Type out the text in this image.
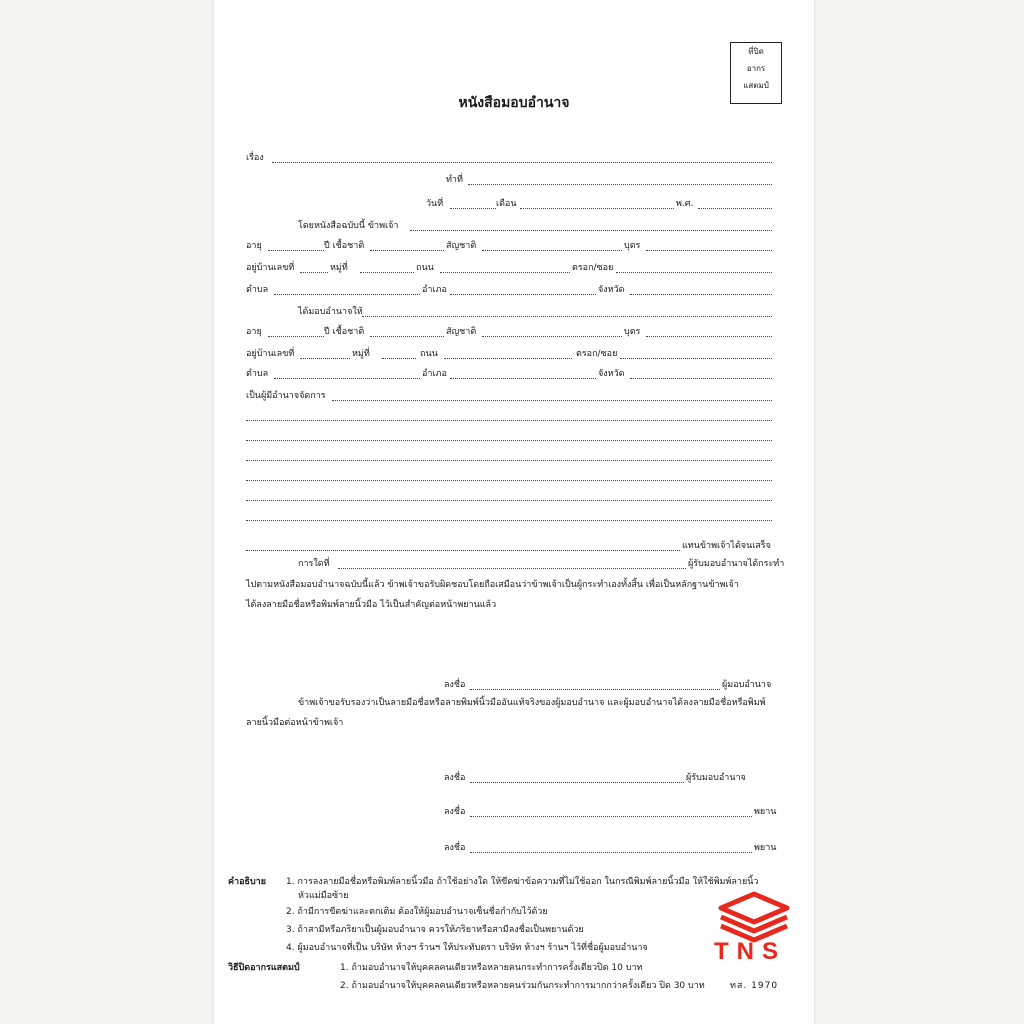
ที่ปิด
อากร
แสตมป์
หนังสือมอบอำนาจ
เรื่อง
ทำที่
วันที่	เดือน	พ.ศ.
โดยหนังสือฉบับนี้ ข้าพเจ้า
อายุ	ปี เชื้อชาติ	สัญชาติ	บุตร
อยู่บ้านเลขที่	หมู่ที่	ถนน	ตรอก/ซอย
ตำบล	อำเภอ	จังหวัด
ได้มอบอำนาจให้
อายุ	ปี เชื้อชาติ	สัญชาติ	บุตร
อยู่บ้านเลขที่	หมู่ที่	ถนน	ตรอก/ซอย
ตำบล	อำเภอ	จังหวัด
เป็นผู้มีอำนาจจัดการ
แทนข้าพเจ้าได้จนเสร็จ
การใดที่	ผู้รับมอบอำนาจได้กระทำ
ไปตามหนังสือมอบอำนาจฉบับนี้แล้ว ข้าพเจ้าขอรับผิดชอบโดยถือเสมือนว่าข้าพเจ้าเป็นผู้กระทำเองทั้งสิ้น เพื่อเป็นหลักฐานข้าพเจ้า
ได้ลงลายมือชื่อหรือพิมพ์ลายนิ้วมือ ไว้เป็นสำคัญต่อหน้าพยานแล้ว
ลงชื่อ	ผู้มอบอำนาจ
ข้าพเจ้าขอรับรองว่าเป็นลายมือชื่อหรือลายพิมพ์นิ้วมืออันแท้จริงของผู้มอบอำนาจ และผู้มอบอำนาจได้ลงลายมือชื่อหรือพิมพ์
ลายนิ้วมือต่อหน้าข้าพเจ้า
ลงชื่อ	ผู้รับมอบอำนาจ
ลงชื่อ	พยาน
ลงชื่อ	พยาน
คำอธิบาย 1. การลงลายมือชื่อหรือพิมพ์ลายนิ้วมือ ถ้าใช้อย่างใด ให้ขีดฆ่าข้อความที่ไม่ใช้ออก ในกรณีพิมพ์ลายนิ้วมือ ให้ใช้พิมพ์ลายนิ้ว
หัวแม่มือซ้าย
2. ถ้ามีการขีดฆ่าและตกเติม ต้องให้ผู้มอบอำนาจเซ็นชื่อกำกับไว้ด้วย
3. ถ้าสามีหรือภริยาเป็นผู้มอบอำนาจ ควรให้ภริยาหรือสามีลงชื่อเป็นพยานด้วย
4. ผู้มอบอำนาจที่เป็น บริษัท ห้างฯ ร้านฯ ให้ประทับตรา บริษัท ห้างฯ ร้านฯ ไว้ที่ชื่อผู้มอบอำนาจ
วิธีปิดอากรแสตมป์	1. ถ้ามอบอำนาจให้บุคคลคนเดียวหรือหลายคนกระทำการครั้งเดียวปิด 10 บาท
2. ถ้ามอบอำนาจให้บุคคลคนเดียวหรือหลายคนร่วมกันกระทำการมากกว่าครั้งเดียว ปิด 30 บาท	ทส. 1970
TNS
